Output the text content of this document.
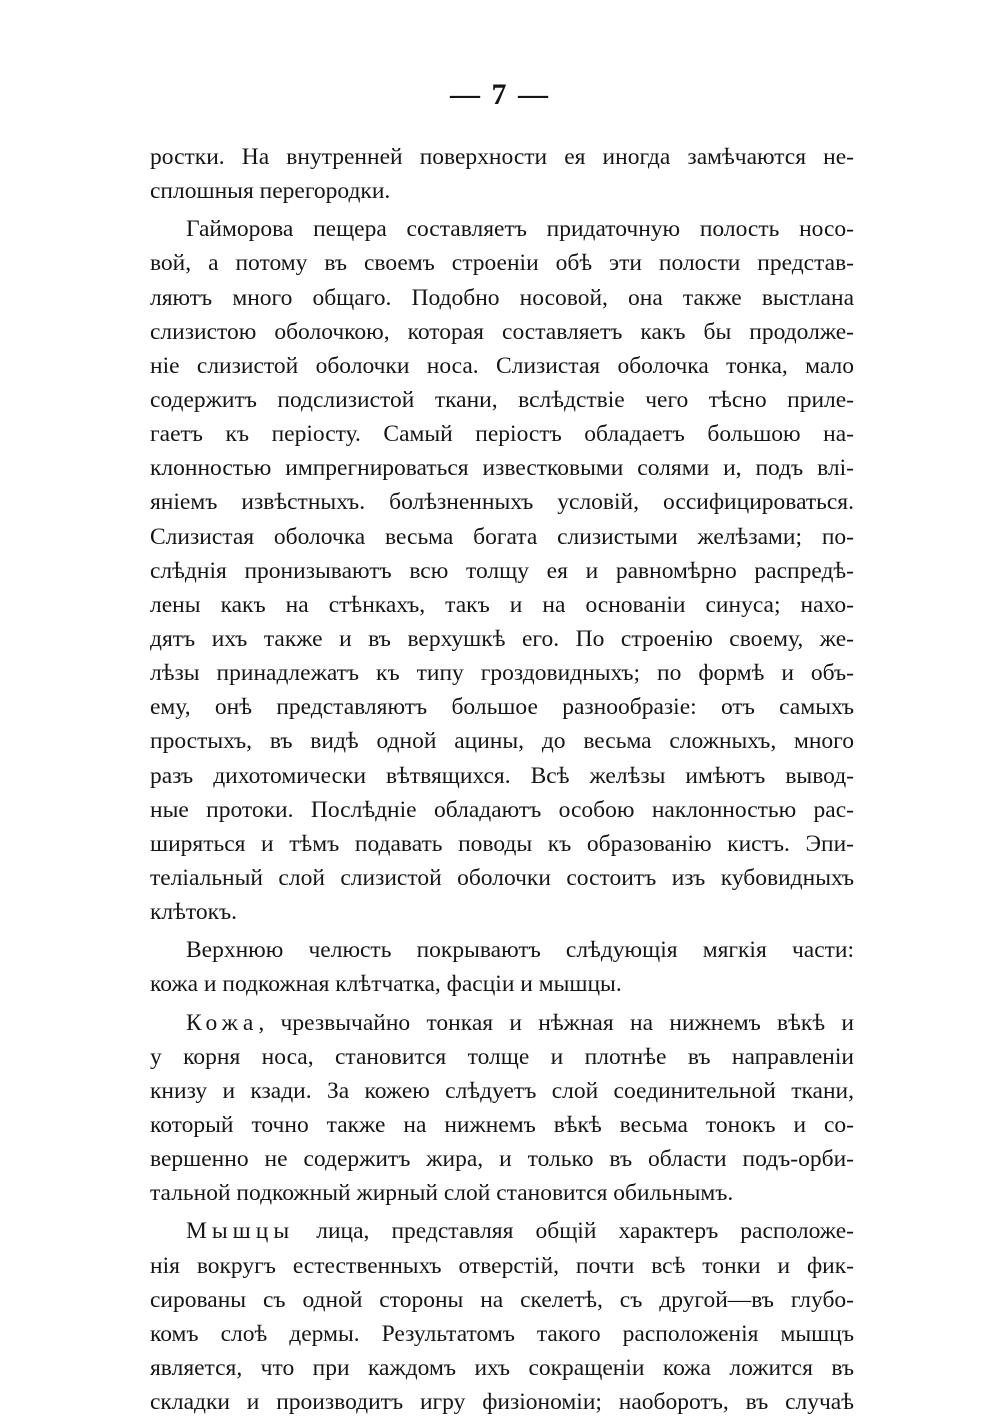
— 7 —
ростки. На внутренней поверхности ея иногда замѣчаются не-
сплошныя перегородки.
Гайморова пещера составляетъ придаточную полость носо-
вой, а потому въ своемъ строеніи обѣ эти полости представ-
ляютъ много общаго. Подобно носовой, она также выстлана
слизистою оболочкою, которая составляетъ какъ бы продолже-
ніе слизистой оболочки носа. Слизистая оболочка тонка, мало
содержитъ подслизистой ткани, вслѣдствіе чего тѣсно приле-
гаетъ къ періосту. Самый періостъ обладаетъ большою на-
клонностью импрегнироваться известковыми солями и, подъ влі-
яніемъ извѣстныхъ. болѣзненныхъ условій, оссифицироваться.
Слизистая оболочка весьма богата слизистыми желѣзами; по-
слѣднія пронизываютъ всю толщу ея и равномѣрно распредѣ-
лены какъ на стѣнкахъ, такъ и на основаніи синуса; нахо-
дятъ ихъ также и въ верхушкѣ его. По строенію своему, же-
лѣзы принадлежатъ къ типу гроздовидныхъ; по формѣ и объ-
ему, онѣ представляютъ большое разнообразіе: отъ самыхъ
простыхъ, въ видѣ одной ацины, до весьма сложныхъ, много
разъ дихотомически вѣтвящихся. Всѣ желѣзы имѣютъ вывод-
ные протоки. Послѣдніе обладаютъ особою наклонностью рас-
ширяться и тѣмъ подавать поводы къ образованію кистъ. Эпи-
теліальный слой слизистой оболочки состоитъ изъ кубовидныхъ
клѣтокъ.
Верхнюю челюсть покрываютъ слѣдующія мягкія части:
кожа и подкожная клѣтчатка, фасціи и мышцы.
Кожа, чрезвычайно тонкая и нѣжная на нижнемъ вѣкѣ и
у корня носа, становится толще и плотнѣе въ направленіи
книзу и кзади. За кожею слѣдуетъ слой соединительной ткани,
который точно также на нижнемъ вѣкѣ весьма тонокъ и со-
вершенно не содержитъ жира, и только въ области подъ-орби-
тальной подкожный жирный слой становится обильнымъ.
Мышцы лица, представляя общій характеръ расположе-
нія вокругъ естественныхъ отверстій, почти всѣ тонки и фик-
сированы съ одной стороны на скелетѣ, съ другой—въ глубо-
комъ слоѣ дермы. Результатомъ такого расположенія мышцъ
является, что при каждомъ ихъ сокращеніи кожа ложится въ
складки и производитъ игру физіономіи; наоборотъ, въ случаѣ
